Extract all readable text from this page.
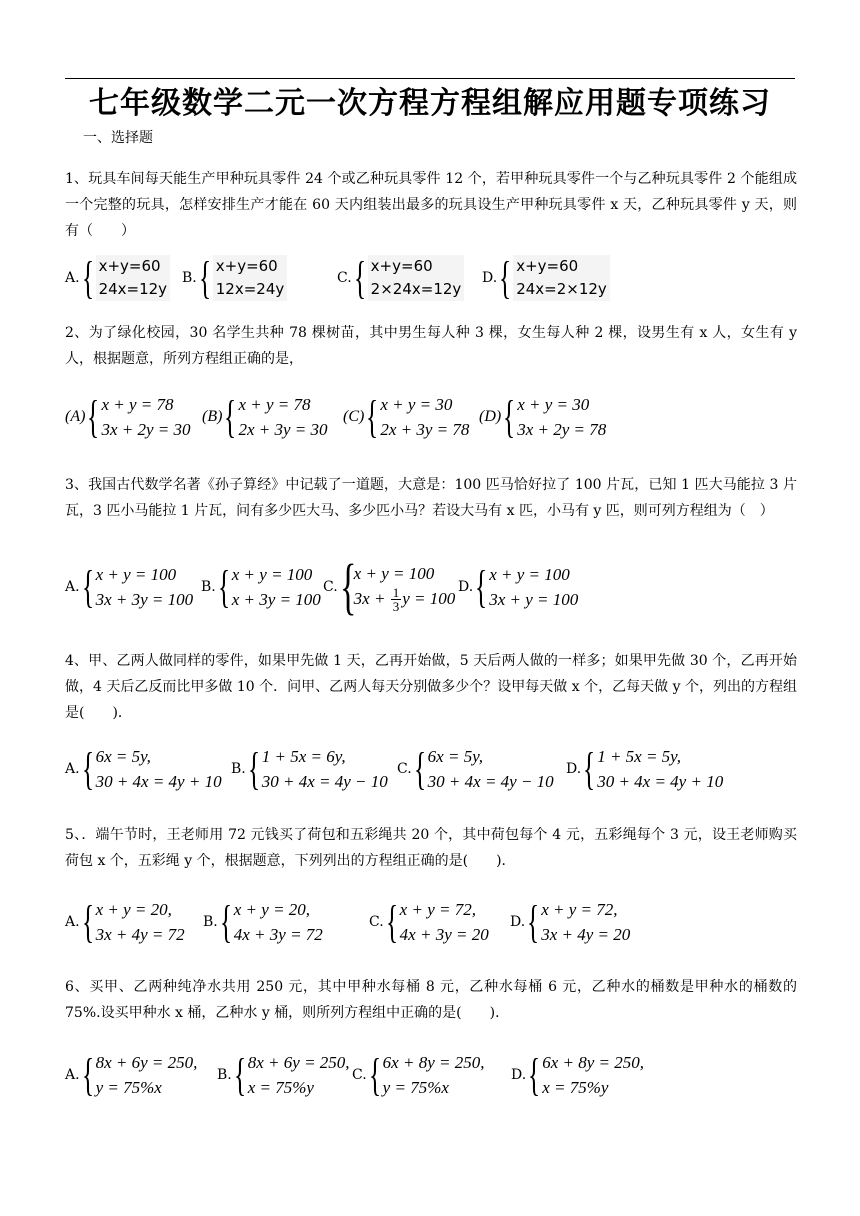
七年级数学二元一次方程方程组解应用题专项练习
一、选择题
1、玩具车间每天能生产甲种玩具零件 24 个或乙种玩具零件 12 个，若甲种玩具零件一个与乙种玩具零件 2 个能组成一个完整的玩具，怎样安排生产才能在 60 天内组装出最多的玩具设生产甲种玩具零件 x 天，乙种玩具零件 y 天，则有（　　）
A. { x+y=60
24x=12y
B. { x+y=60
12x=24y
C. { x+y=60
2×24x=12y
D. { x+y=60
24x=2×12y
2、为了绿化校园，30 名学生共种 78 棵树苗，其中男生每人种 3 棵，女生每人种 2 棵，设男生有 x 人，女生有 y 人，根据题意，所列方程组正确的是，
(A) { x + y = 78
3x + 2y = 30
(B) { x + y = 78
2x + 3y = 30
(C) { x + y = 30
2x + 3y = 78
(D) { x + y = 30
3x + 2y = 78
3、我国古代数学名著《孙子算经》中记载了一道题，大意是：100 匹马恰好拉了 100 片瓦，已知 1 匹大马能拉 3 片瓦，3 匹小马能拉 1 片瓦，问有多少匹大马、多少匹小马？若设大马有 x 匹，小马有 y 匹，则可列方程组为（　）
A. { x + y = 100
3x + 3y = 100
B. { x + y = 100
x + 3y = 100
C. {
x + y = 100
$3x + \frac{1}{3}$ y = 100
D. { x + y = 100
3x + y = 100
4、甲、乙两人做同样的零件，如果甲先做 1 天，乙再开始做，5 天后两人做的一样多；如果甲先做 30 个，乙再开始做，4 天后乙反而比甲多做 10 个．问甲、乙两人每天分别做多少个？设甲每天做 x 个，乙每天做 y 个，列出的方程组是(　　)．
A. { 6x = 5y,
30 + 4x = 4y + 10
B. { 1 + 5x = 6y,
30 + 4x = 4y − 10
C. { 6x = 5y,
30 + 4x = 4y − 10
D. { 1 + 5x = 5y,
30 + 4x = 4y + 10
5、．端午节时，王老师用 72 元钱买了荷包和五彩绳共 20 个，其中荷包每个 4 元，五彩绳每个 3 元，设王老师购买荷包 x 个，五彩绳 y 个，根据题意，下列列出的方程组正确的是(　　)．
A. { x + y = 20,
3x + 4y = 72
B. { x + y = 20,
4x + 3y = 72
C. { x + y = 72,
4x + 3y = 20
D. { x + y = 72,
3x + 4y = 20
6、买甲、乙两种纯净水共用 250 元，其中甲种水每桶 8 元，乙种水每桶 6 元，乙种水的桶数是甲种水的桶数的 75%.设买甲种水 x 桶，乙种水 y 桶，则所列方程组中正确的是(　　)．
A. { 8x + 6y = 250,
y = 75%x
B. { 8x + 6y = 250,
x = 75%y
C. { 6x + 8y = 250,
y = 75%x
D. { 6x + 8y = 250,
x = 75%y
